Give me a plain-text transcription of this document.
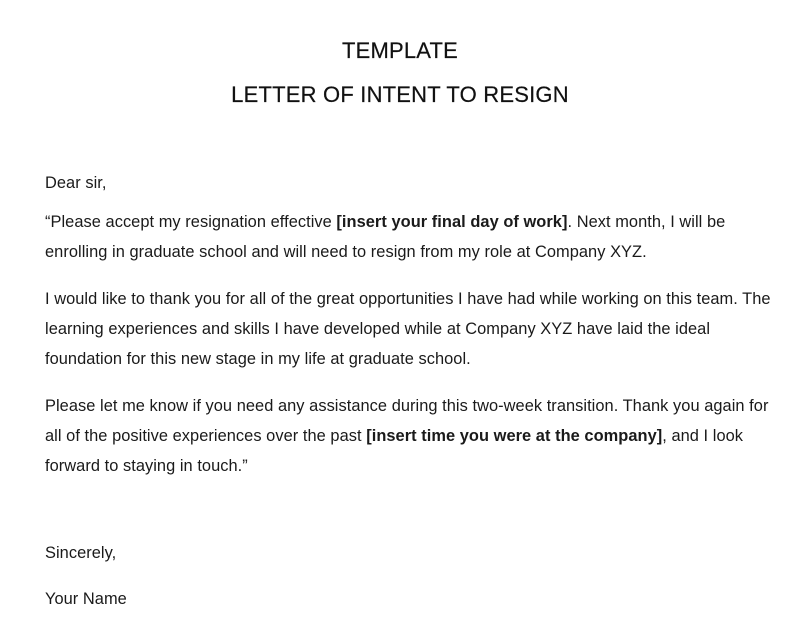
TEMPLATE
LETTER OF INTENT TO RESIGN
Dear sir,
“Please accept my resignation effective [insert your final day of work]. Next month, I will be enrolling in graduate school and will need to resign from my role at Company XYZ.
I would like to thank you for all of the great opportunities I have had while working on this team. The learning experiences and skills I have developed while at Company XYZ have laid the ideal foundation for this new stage in my life at graduate school.
Please let me know if you need any assistance during this two-week transition. Thank you again for all of the positive experiences over the past [insert time you were at the company], and I look forward to staying in touch.”
Sincerely,
Your Name
